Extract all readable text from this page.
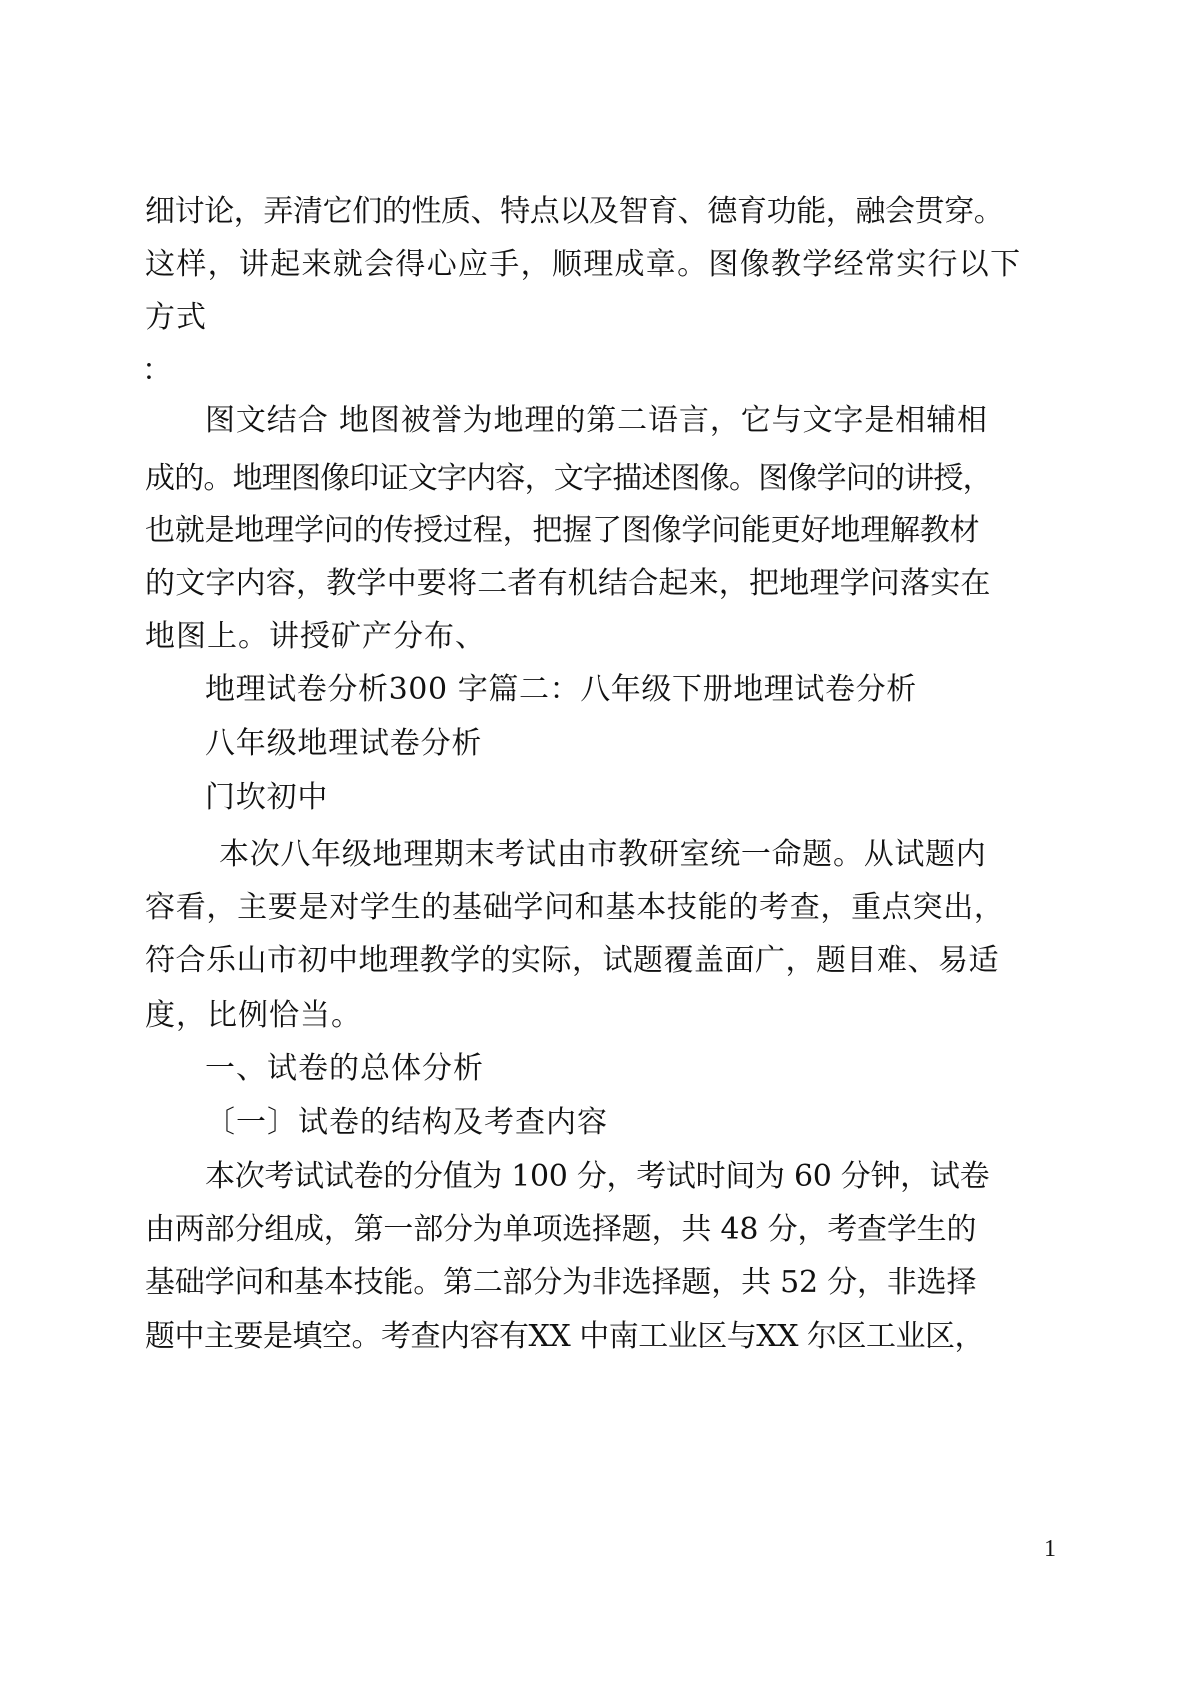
细讨论，弄清它们的性质、特点以及智育、德育功能，融会贯穿。

这样，讲起来就会得心应手，顺理成章。图像教学经常实行以下

方式

：

图文结合 地图被誉为地理的第二语言，它与文字是相辅相

成的。地理图像印证文字内容，文字描述图像。图像学问的讲授，

也就是地理学问的传授过程，把握了图像学问能更好地理解教材

的文字内容，教学中要将二者有机结合起来，把地理学问落实在

地图上。讲授矿产分布、

地理试卷分析300 字篇二：八年级下册地理试卷分析

八年级地理试卷分析

门坎初中

本次八年级地理期末考试由市教研室统一命题。从试题内

容看，主要是对学生的基础学问和基本技能的考查，重点突出，

符合乐山市初中地理教学的实际，试题覆盖面广，题目难、易适

度，比例恰当。

一、试卷的总体分析

〔一〕试卷的结构及考查内容

本次考试试卷的分值为 100 分，考试时间为 60 分钟，试卷

由两部分组成，第一部分为单项选择题，共 48 分，考查学生的

基础学问和基本技能。第二部分为非选择题，共 52 分，非选择

题中主要是填空。考查内容有XX 中南工业区与XX 尔区工业区，

1
